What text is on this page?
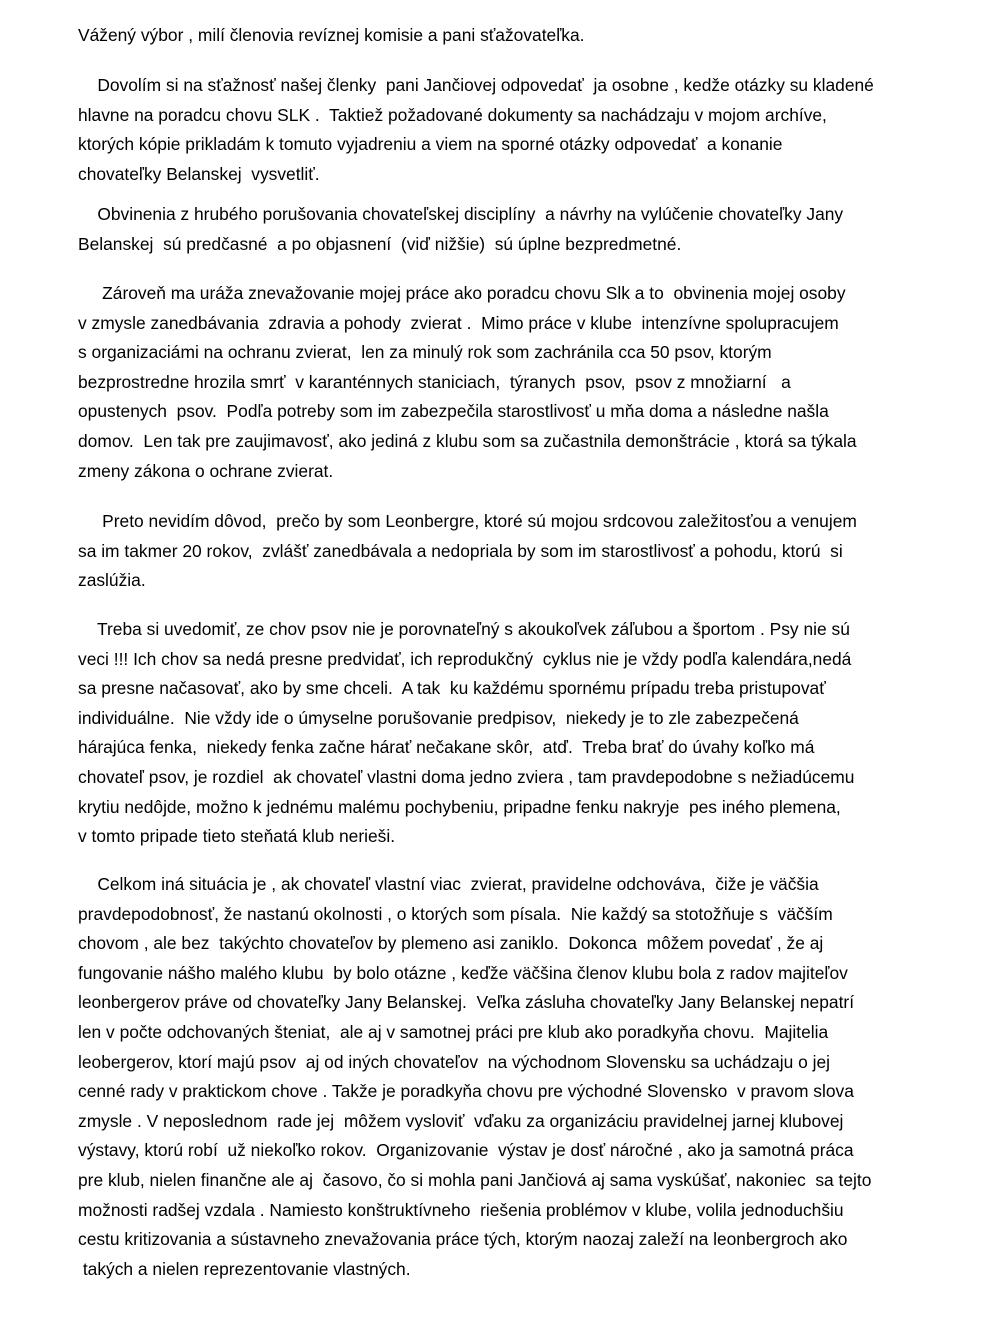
Vážený výbor , milí členovia revíznej komisie a pani sťažovateľka.
Dovolím si na sťažnosť našej členky  pani Jančiovej odpovedať  ja osobne , kedže otázky su kladené
hlavne na poradcu chovu SLK .  Taktiež požadované dokumenty sa nachádzaju v mojom archíve,
ktorých kópie prikladám k tomuto vyjadreniu a viem na sporné otázky odpovedať  a konanie
chovateľky Belanskej  vysvetliť.
Obvinenia z hrubého porušovania chovateľskej disciplíny  a návrhy na vylúčenie chovateľky Jany
Belanskej  sú predčasné  a po objasnení  (viď nižšie)  sú úplne bezpredmetné.
Zároveň ma uráža znevažovanie mojej práce ako poradcu chovu Slk a to  obvinenia mojej osoby
v zmysle zanedbávania  zdravia a pohody  zvierat .  Mimo práce v klube  intenzívne spolupracujem
s organizaciámi na ochranu zvierat,  len za minulý rok som zachránila cca 50 psov, ktorým
bezprostredne hrozila smrť  v karanténnych staniciach,  týranych  psov,  psov z množiarní   a
opustenych  psov.  Podľa potreby som im zabezpečila starostlivosť u mňa doma a následne našla
domov.  Len tak pre zaujimavosť, ako jediná z klubu som sa zučastnila demonštrácie , ktorá sa týkala
zmeny zákona o ochrane zvierat.
Preto nevidím dôvod,  prečo by som Leonbergre, ktoré sú mojou srdcovou zaležitosťou a venujem
sa im takmer 20 rokov,  zvlášť zanedbávala a nedopriala by som im starostlivosť a pohodu, ktorú  si
zaslúžia.
Treba si uvedomiť, ze chov psov nie je porovnateľný s akoukoľvek záľubou a športom . Psy nie sú
veci !!! Ich chov sa nedá presne predvidať, ich reprodukčný  cyklus nie je vždy podľa kalendára,nedá
sa presne načasovať, ako by sme chceli.  A tak  ku každému spornému prípadu treba pristupovať
individuálne.  Nie vždy ide o úmyselne porušovanie predpisov,  niekedy je to zle zabezpečená
hárajúca fenka,  niekedy fenka začne hárať nečakane skôr,  atď.  Treba brať do úvahy koľko má
chovateľ psov, je rozdiel  ak chovateľ vlastni doma jedno zviera , tam pravdepodobne s nežiadúcemu
krytiu nedôjde, možno k jednému malému pochybeniu, pripadne fenku nakryje  pes iného plemena,
v tomto pripade tieto steňatá klub nerieši.
Celkom iná situácia je , ak chovateľ vlastní viac  zvierat, pravidelne odchováva,  čiže je väčšia
pravdepodobnosť, že nastanú okolnosti , o ktorých som písala.  Nie každý sa stotožňuje s  väčším
chovom , ale bez  takýchto chovateľov by plemeno asi zaniklo.  Dokonca  môžem povedať , že aj
fungovanie nášho malého klubu  by bolo otázne , keďže väčšina členov klubu bola z radov majiteľov
leonbergerov práve od chovateľky Jany Belanskej.  Veľka zásluha chovateľky Jany Belanskej nepatrí
len v počte odchovaných šteniat,  ale aj v samotnej práci pre klub ako poradkyňa chovu.  Majitelia
leobergerov, ktorí majú psov  aj od iných chovateľov  na východnom Slovensku sa uchádzaju o jej
cenné rady v praktickom chove . Takže je poradkyňa chovu pre východné Slovensko  v pravom slova
zmysle . V neposlednom  rade jej  môžem vysloviť  vďaku za organizáciu pravidelnej jarnej klubovej
výstavy, ktorú robí  už niekoľko rokov.  Organizovanie  výstav je dosť náročné , ako ja samotná práca
pre klub, nielen finančne ale aj  časovo, čo si mohla pani Jančiová aj sama vyskúšať, nakoniec  sa tejto
možnosti radšej vzdala . Namiesto konštruktívneho  riešenia problémov v klube, volila jednoduchšiu
cestu kritizovania a sústavneho znevažovania práce tých, ktorým naozaj zaleží na leonbergroch ako
takých a nielen reprezentovanie vlastných.
